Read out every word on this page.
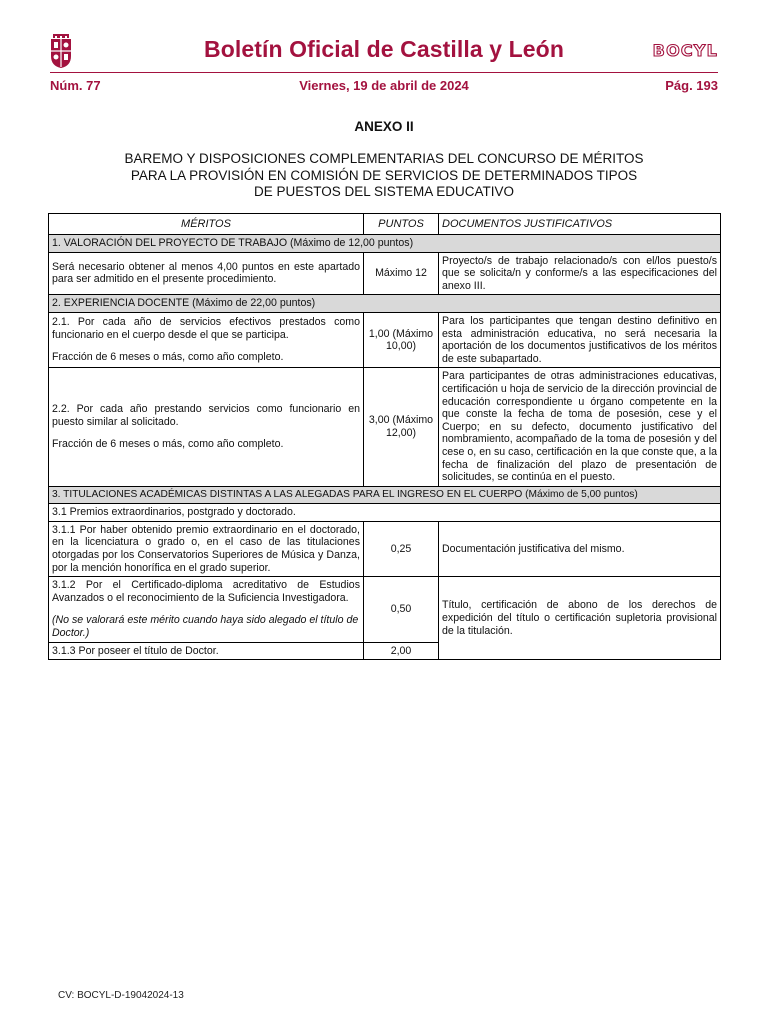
Boletín Oficial de Castilla y León	BOCYL
Núm. 77	Viernes, 19 de abril de 2024	Pág. 193
ANEXO II
BAREMO Y DISPOSICIONES COMPLEMENTARIAS DEL CONCURSO DE MÉRITOS
PARA LA PROVISIÓN EN COMISIÓN DE SERVICIOS DE DETERMINADOS TIPOS
DE PUESTOS DEL SISTEMA EDUCATIVO
MÉRITOS	PUNTOS	DOCUMENTOS JUSTIFICATIVOS
1. VALORACIÓN DEL PROYECTO DE TRABAJO (Máximo de 12,00 puntos)		
Será necesario obtener al menos 4,00 puntos en este apartado para ser admitido en el presente procedimiento.	Máximo 12	Proyecto/s de trabajo relacionado/s con el/los puesto/s que se solicita/n y conforme/s a las especificaciones del anexo III.
2. EXPERIENCIA DOCENTE (Máximo de 22,00 puntos)		

2.1. Por cada año de servicios efectivos prestados como funcionario en el cuerpo desde el que se participa.
Fracción de 6 meses o más, como año completo.	1,00 (Máximo 10,00)	Para los participantes que tengan destino definitivo en esta administración educativa, no será necesaria la aportación de los documentos justificativos de los méritos de este subapartado.

2.2. Por cada año prestando servicios como funcionario en puesto similar al solicitado.
Fracción de 6 meses o más, como año completo.	3,00 (Máximo 12,00)	Para participantes de otras administraciones educativas, certificación u hoja de servicio de la dirección provincial de educación correspondiente u órgano competente en la que conste la fecha de toma de posesión, cese y el Cuerpo; en su defecto, documento justificativo del nombramiento, acompañado de la toma de posesión y del cese o, en su caso, certificación en la que conste que, a la fecha de finalización del plazo de presentación de solicitudes, se continúa en el puesto.
3. TITULACIONES ACADÉMICAS DISTINTAS A LAS ALEGADAS PARA EL INGRESO EN EL CUERPO (Máximo de 5,00 puntos)		
3.1 Premios extraordinarios, postgrado y doctorado.		
3.1.1 Por haber obtenido premio extraordinario en el doctorado, en la licenciatura o grado o, en el caso de las titulaciones otorgadas por los Conservatorios Superiores de Música y Danza, por la mención honorífica en el grado superior.	0,25	Documentación justificativa del mismo.

3.1.2 Por el Certificado-diploma acreditativo de Estudios Avanzados o el reconocimiento de la Suficiencia Investigadora.
(No se valorará este mérito cuando haya sido alegado el título de Doctor.)	0,50	Título, certificación de abono de los derechos de expedición del título o certificación supletoria provisional de la titulación.
3.1.3 Por poseer el título de Doctor.	2,00	
CV: BOCYL-D-19042024-13
